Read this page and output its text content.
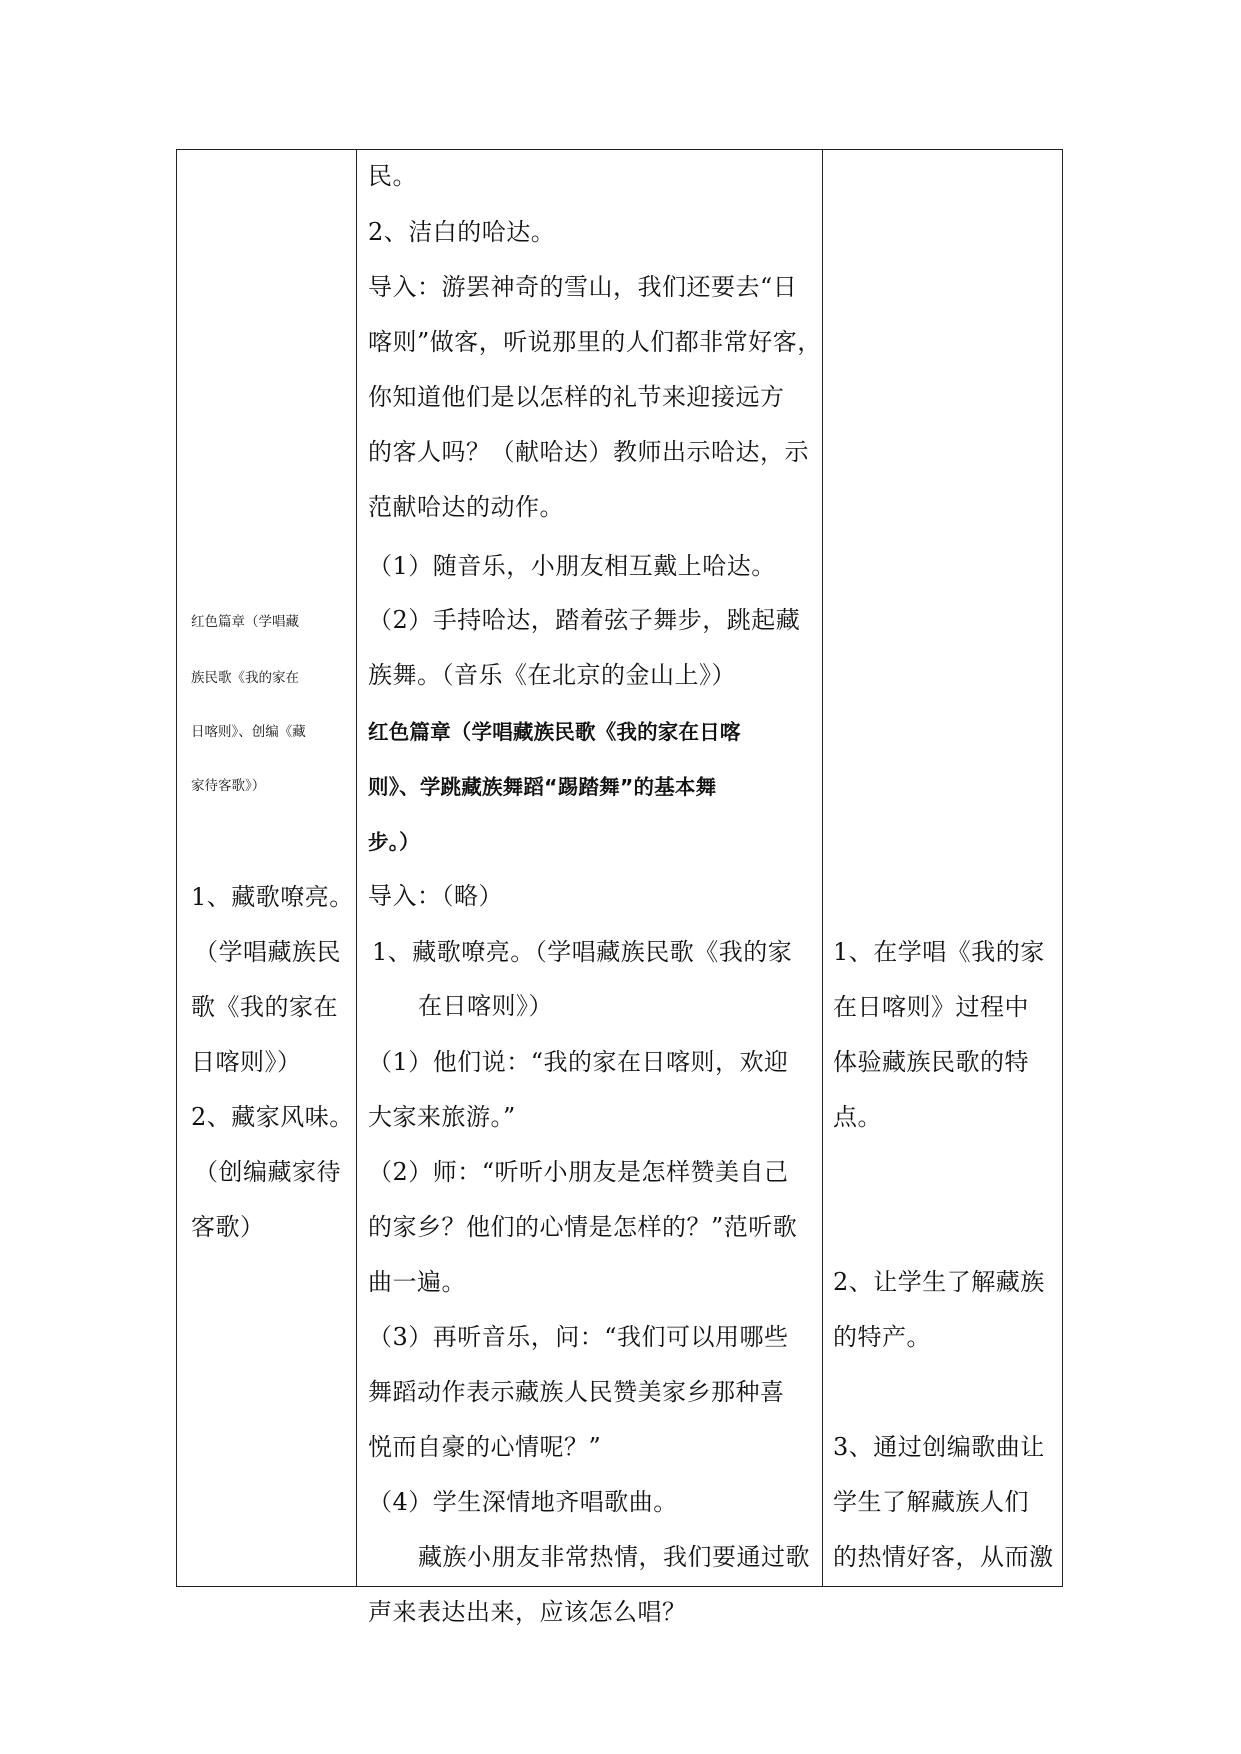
红色篇章（学唱藏
族民歌《我的家在
日喀则》、创编《藏
家待客歌》）
1、藏歌嘹亮。
（学唱藏族民
歌《我的家在
日喀则》）
2、藏家风味。
（创编藏家待
客歌）
民。
2、洁白的哈达。
导入：游罢神奇的雪山，我们还要去“日
喀则”做客，听说那里的人们都非常好客，
你知道他们是以怎样的礼节来迎接远方
的客人吗？（献哈达）教师出示哈达，示
范献哈达的动作。
（1）随音乐，小朋友相互戴上哈达。
（2）手持哈达，踏着弦子舞步，跳起藏
族舞。（音乐《在北京的金山上》）
红色篇章（学唱藏族民歌《我的家在日喀
则》、学跳藏族舞蹈“踢踏舞”的基本舞
步。）
导入：（略）
1、藏歌嘹亮。（学唱藏族民歌《我的家
在日喀则》）
（1）他们说：“我的家在日喀则，欢迎
大家来旅游。”
（2）师：“听听小朋友是怎样赞美自己
的家乡？他们的心情是怎样的？”范听歌
曲一遍。
（3）再听音乐，问：“我们可以用哪些
舞蹈动作表示藏族人民赞美家乡那种喜
悦而自豪的心情呢？”
（4）学生深情地齐唱歌曲。
藏族小朋友非常热情，我们要通过歌
声来表达出来，应该怎么唱？
1、在学唱《我的家
在日喀则》过程中
体验藏族民歌的特
点。
2、让学生了解藏族
的特产。
3、通过创编歌曲让
学生了解藏族人们
的热情好客，从而激
